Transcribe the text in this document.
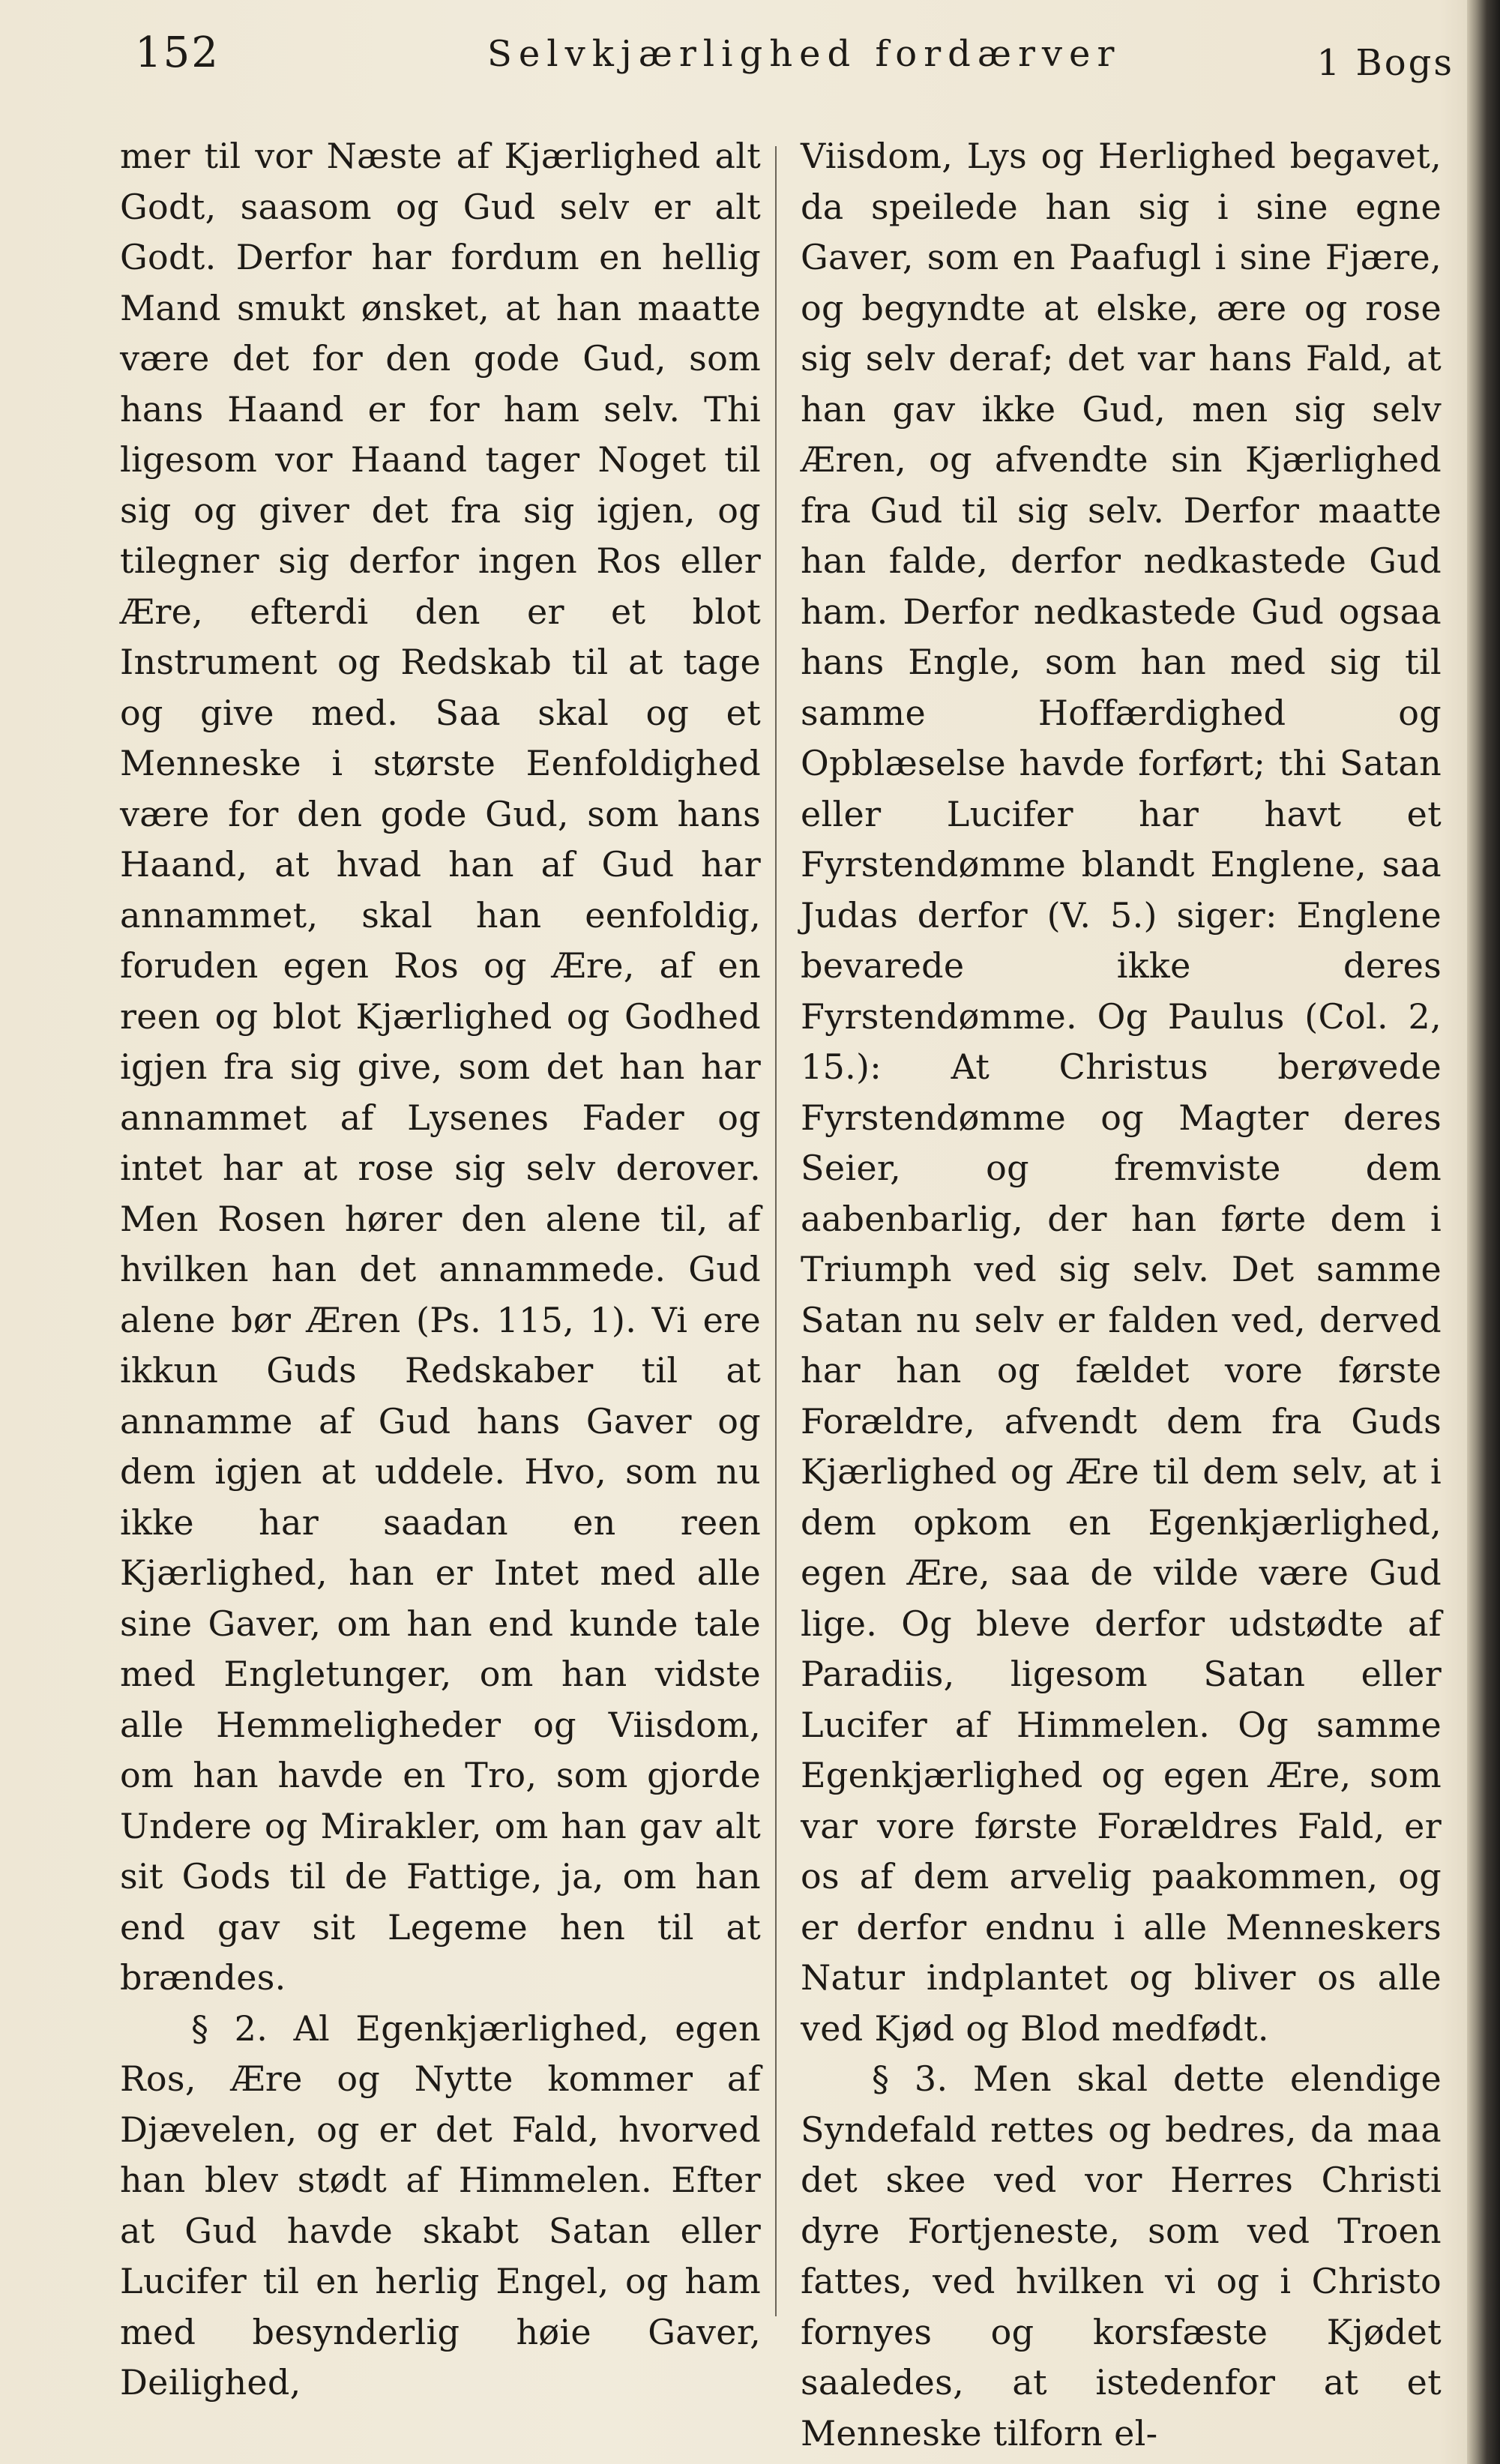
152	Selvkjærlighed fordærver	1 Bogs

mer til vor Næste af Kjærlighed alt Godt, saasom og Gud selv er alt Godt. Derfor har fordum en hellig Mand smukt ønsket, at han maatte være det for den gode Gud, som hans Haand er for ham selv. Thi ligesom vor Haand tager Noget til sig og giver det fra sig igjen, og tilegner sig derfor ingen Ros eller Ære, efterdi den er et blot Instrument og Redskab til at tage og give med. Saa skal og et Menneske i største Eenfoldighed være for den gode Gud, som hans Haand, at hvad han af Gud har annammet, skal han eenfoldig, foruden egen Ros og Ære, af en reen og blot Kjærlighed og Godhed igjen fra sig give, som det han har annammet af Lysenes Fader og intet har at rose sig selv derover. Men Rosen hører den alene til, af hvilken han det annammede. Gud alene bør Æren (Ps. 115, 1). Vi ere ikkun Guds Redskaber til at annamme af Gud hans Gaver og dem igjen at uddele. Hvo, som nu ikke har saadan en reen Kjærlighed, han er Intet med alle sine Gaver, om han end kunde tale med Engletunger, om han vidste alle Hemmeligheder og Viisdom, om han havde en Tro, som gjorde Undere og Mirakler, om han gav alt sit Gods til de Fattige, ja, om han end gav sit Legeme hen til at brændes.

§ 2. Al Egenkjærlighed, egen Ros, Ære og Nytte kommer af Djævelen, og er det Fald, hvorved han blev stødt af Himmelen. Efter at Gud havde skabt Satan eller Lucifer til en herlig Engel, og ham med besynderlig høie Gaver, Deilighed,

Viisdom, Lys og Herlighed begavet, da speilede han sig i sine egne Gaver, som en Paafugl i sine Fjære, og begyndte at elske, ære og rose sig selv deraf; det var hans Fald, at han gav ikke Gud, men sig selv Æren, og afvendte sin Kjærlighed fra Gud til sig selv. Derfor maatte han falde, derfor nedkastede Gud ham. Derfor nedkastede Gud ogsaa hans Engle, som han med sig til samme Hoffærdighed og Opblæselse havde forført; thi Satan eller Lucifer har havt et Fyrstendømme blandt Englene, saa Judas derfor (V. 5.) siger: Englene bevarede ikke deres Fyrstendømme. Og Paulus (Col. 2, 15.): At Christus berøvede Fyrstendømme og Magter deres Seier, og fremviste dem aabenbarlig, der han førte dem i Triumph ved sig selv. Det samme Satan nu selv er falden ved, derved har han og fældet vore første Forældre, afvendt dem fra Guds Kjærlighed og Ære til dem selv, at i dem opkom en Egenkjærlighed, egen Ære, saa de vilde være Gud lige. Og bleve derfor udstødte af Paradiis, ligesom Satan eller Lucifer af Himmelen. Og samme Egenkjærlighed og egen Ære, som var vore første Forældres Fald, er os af dem arvelig paakommen, og er derfor endnu i alle Menneskers Natur indplantet og bliver os alle ved Kjød og Blod medfødt.

§ 3. Men skal dette elendige Syndefald rettes og bedres, da maa det skee ved vor Herres Christi dyre Fortjeneste, som ved Troen fattes, ved hvilken vi og i Christo fornyes og korsfæste Kjødet saaledes, at istedenfor at et Menneske tilforn el-
